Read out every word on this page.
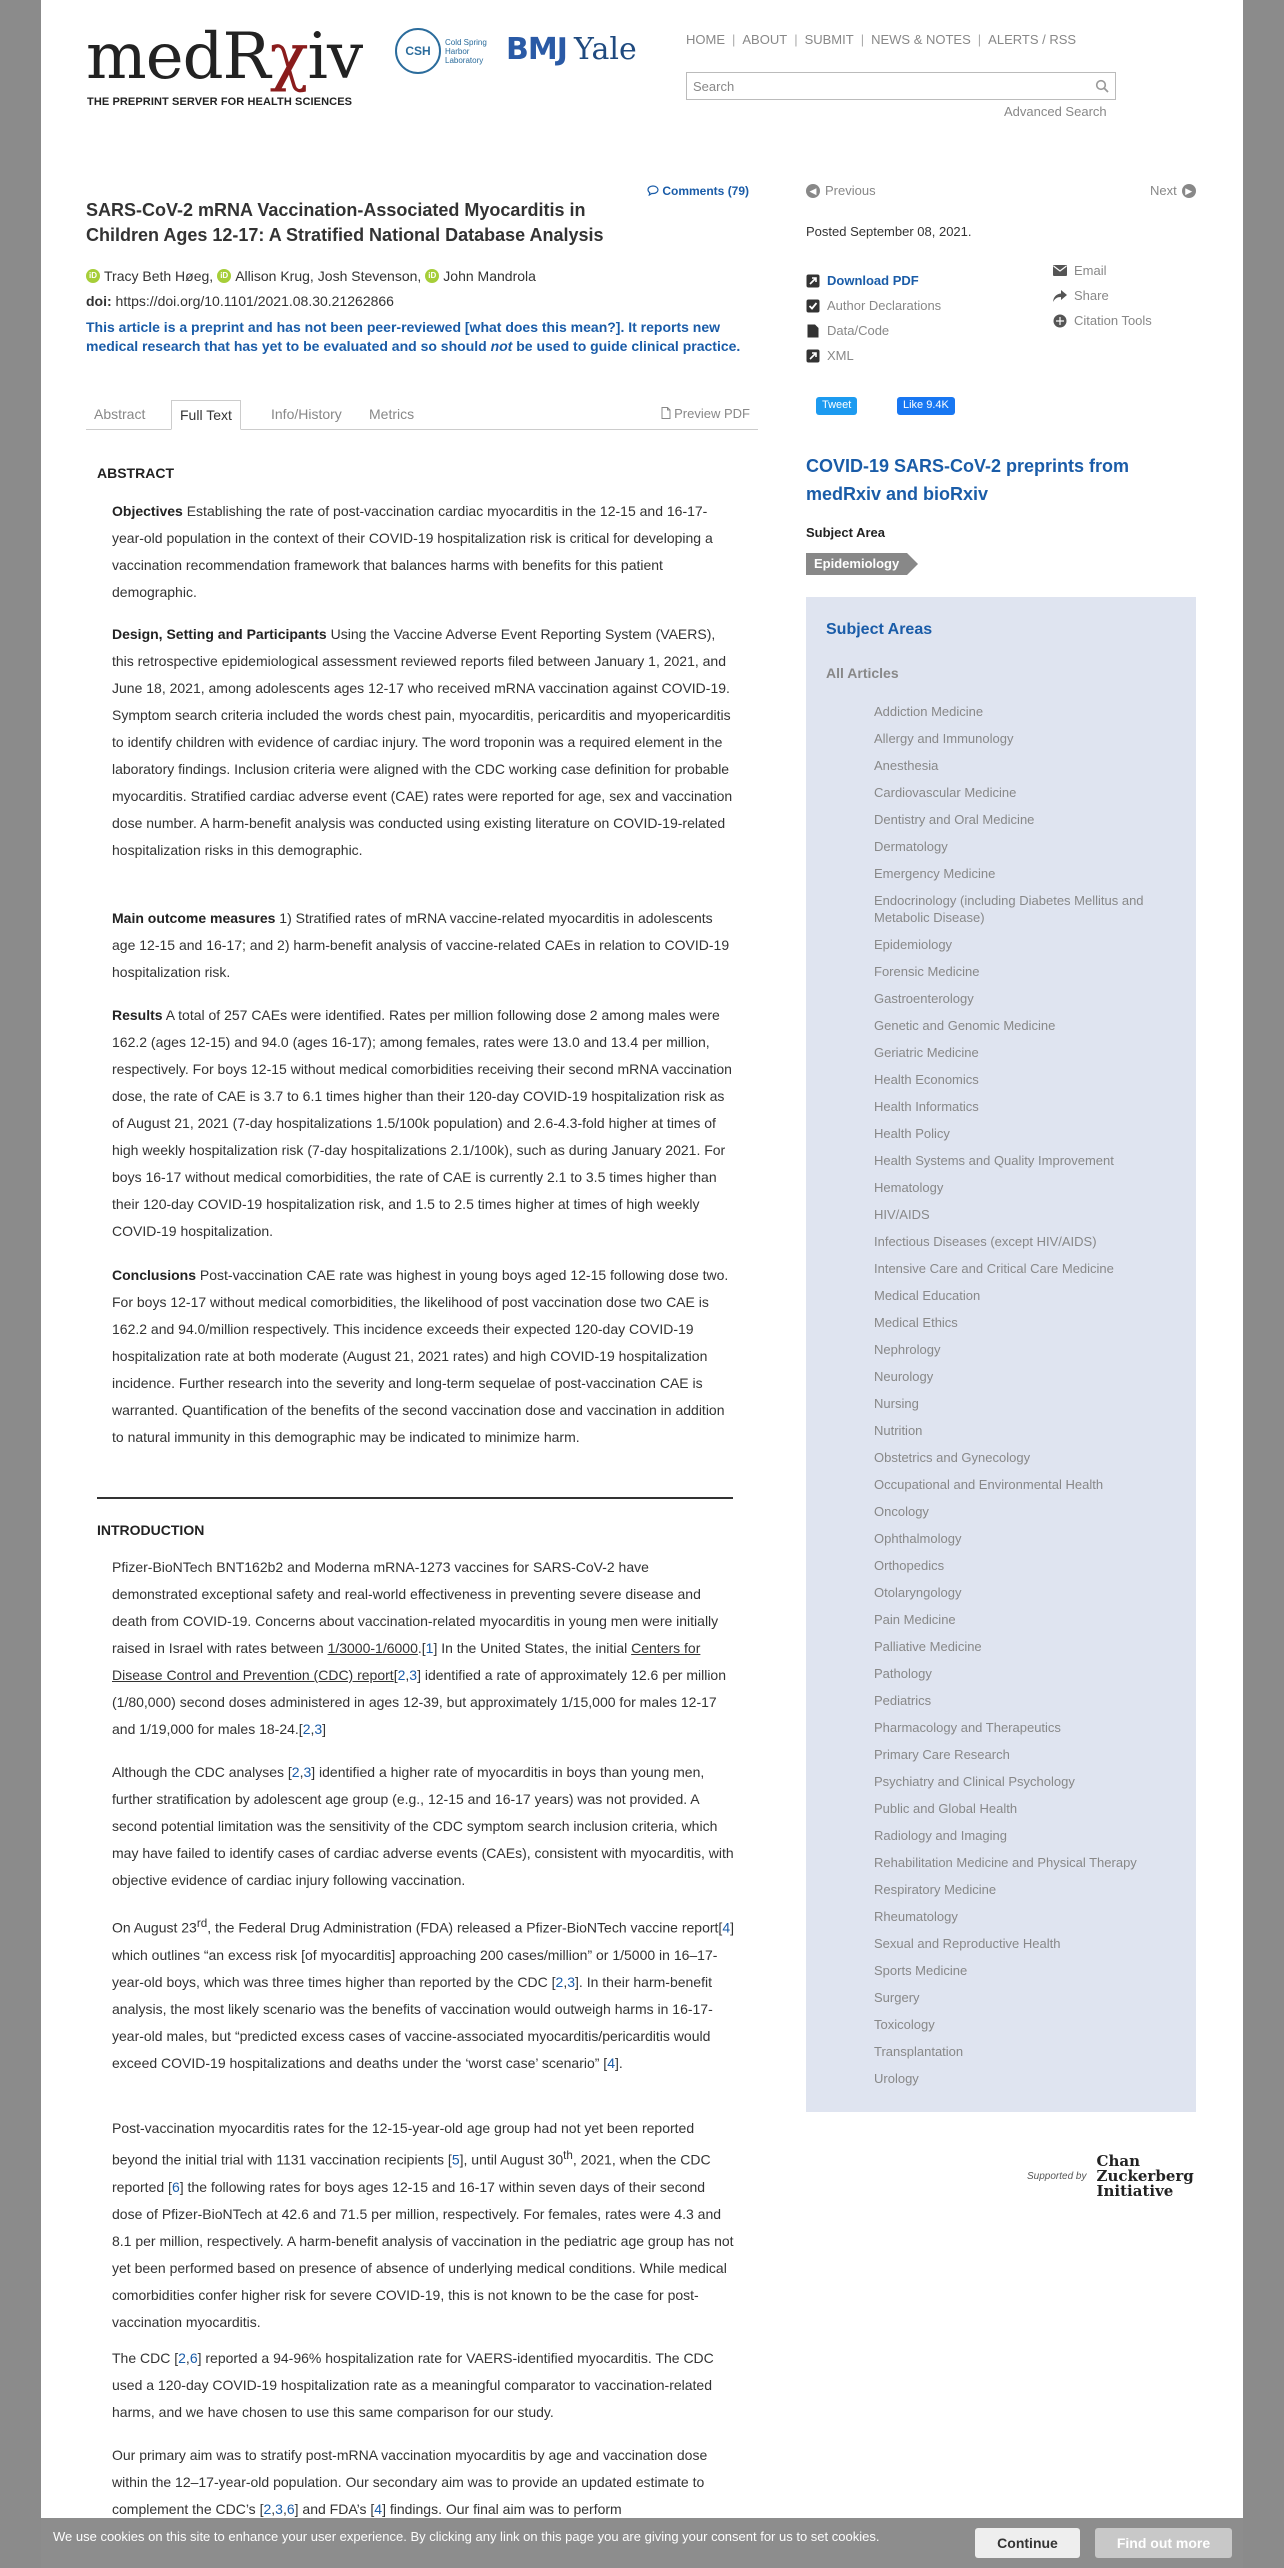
medRχiv
THE PREPRINT SERVER FOR HEALTH SCIENCES
CSH
Cold Spring Harbor Laboratory BMJ Yale	HOME | ABOUT | SUBMIT | NEWS & NOTES | ALERTS / RSS
Search
Advanced Search
Comments (79)
SARS-CoV-2 mRNA Vaccination-Associated Myocarditis in Children Ages 12-17: A Stratified National Database Analysis
iD Tracy Beth Høeg, iD Allison Krug, Josh Stevenson, iD John Mandrola
doi: https://doi.org/10.1101/2021.08.30.21262866

This article is a preprint and has not been peer-reviewed [what does this mean?]. It reports new medical research that has yet to be evaluated and so should not be used to guide clinical practice.

Abstract	Full Text	Info/History	Metrics	Preview PDF
ABSTRACT

Objectives Establishing the rate of post-vaccination cardiac myocarditis in the 12-15 and 16-17-year-old population in the context of their COVID-19 hospitalization risk is critical for developing a vaccination recommendation framework that balances harms with benefits for this patient demographic.

Design, Setting and Participants Using the Vaccine Adverse Event Reporting System (VAERS), this retrospective epidemiological assessment reviewed reports filed between January 1, 2021, and June 18, 2021, among adolescents ages 12-17 who received mRNA vaccination against COVID-19. Symptom search criteria included the words chest pain, myocarditis, pericarditis and myopericarditis to identify children with evidence of cardiac injury. The word troponin was a required element in the laboratory findings. Inclusion criteria were aligned with the CDC working case definition for probable myocarditis. Stratified cardiac adverse event (CAE) rates were reported for age, sex and vaccination dose number. A harm-benefit analysis was conducted using existing literature on COVID-19-related hospitalization risks in this demographic.

Main outcome measures 1) Stratified rates of mRNA vaccine-related myocarditis in adolescents age 12-15 and 16-17; and 2) harm-benefit analysis of vaccine-related CAEs in relation to COVID-19 hospitalization risk.

Results A total of 257 CAEs were identified. Rates per million following dose 2 among males were 162.2 (ages 12-15) and 94.0 (ages 16-17); among females, rates were 13.0 and 13.4 per million, respectively. For boys 12-15 without medical comorbidities receiving their second mRNA vaccination dose, the rate of CAE is 3.7 to 6.1 times higher than their 120-day COVID-19 hospitalization risk as of August 21, 2021 (7-day hospitalizations 1.5/100k population) and 2.6-4.3-fold higher at times of high weekly hospitalization risk (7-day hospitalizations 2.1/100k), such as during January 2021. For boys 16-17 without medical comorbidities, the rate of CAE is currently 2.1 to 3.5 times higher than their 120-day COVID-19 hospitalization risk, and 1.5 to 2.5 times higher at times of high weekly COVID-19 hospitalization.

Conclusions Post-vaccination CAE rate was highest in young boys aged 12-15 following dose two. For boys 12-17 without medical comorbidities, the likelihood of post vaccination dose two CAE is 162.2 and 94.0/million respectively. This incidence exceeds their expected 120-day COVID-19 hospitalization rate at both moderate (August 21, 2021 rates) and high COVID-19 hospitalization incidence. Further research into the severity and long-term sequelae of post-vaccination CAE is warranted. Quantification of the benefits of the second vaccination dose and vaccination in addition to natural immunity in this demographic may be indicated to minimize harm.

INTRODUCTION

Pfizer-BioNTech BNT162b2 and Moderna mRNA-1273 vaccines for SARS-CoV-2 have demonstrated exceptional safety and real-world effectiveness in preventing severe disease and death from COVID-19. Concerns about vaccination-related myocarditis in young men were initially raised in Israel with rates between 1/3000-1/6000.[1] In the United States, the initial Centers for Disease Control and Prevention (CDC) report[2,3] identified a rate of approximately 12.6 per million (1/80,000) second doses administered in ages 12-39, but approximately 1/15,000 for males 12-17 and 1/19,000 for males 18-24.[2,3]

Although the CDC analyses [2,3] identified a higher rate of myocarditis in boys than young men, further stratification by adolescent age group (e.g., 12-15 and 16-17 years) was not provided. A second potential limitation was the sensitivity of the CDC symptom search inclusion criteria, which may have failed to identify cases of cardiac adverse events (CAEs), consistent with myocarditis, with objective evidence of cardiac injury following vaccination.

On August 23rd, the Federal Drug Administration (FDA) released a Pfizer-BioNTech vaccine report[4] which outlines “an excess risk [of myocarditis] approaching 200 cases/million” or 1/5000 in 16–17-year-old boys, which was three times higher than reported by the CDC [2,3]. In their harm-benefit analysis, the most likely scenario was the benefits of vaccination would outweigh harms in 16-17-year-old males, but “predicted excess cases of vaccine-associated myocarditis/pericarditis would exceed COVID-19 hospitalizations and deaths under the ‘worst case’ scenario” [4].

Post-vaccination myocarditis rates for the 12-15-year-old age group had not yet been reported beyond the initial trial with 1131 vaccination recipients [5], until August 30th, 2021, when the CDC reported [6] the following rates for boys ages 12-15 and 16-17 within seven days of their second dose of Pfizer-BioNTech at 42.6 and 71.5 per million, respectively. For females, rates were 4.3 and 8.1 per million, respectively. A harm-benefit analysis of vaccination in the pediatric age group has not yet been performed based on presence of absence of underlying medical conditions. While medical comorbidities confer higher risk for severe COVID-19, this is not known to be the case for post-vaccination myocarditis.

The CDC [2,6] reported a 94-96% hospitalization rate for VAERS-identified myocarditis. The CDC used a 120-day COVID-19 hospitalization rate as a meaningful comparator to vaccination-related harms, and we have chosen to use this same comparison for our study.

Our primary aim was to stratify post-mRNA vaccination myocarditis by age and vaccination dose within the 12–17-year-old population. Our secondary aim was to provide an updated estimate to complement the CDC’s [2,3,6] and FDA’s [4] findings. Our final aim was to perform

◀ Previous	Next ▶
Posted September 08, 2021.
Download PDF
Author Declarations
Data/Code
XML
Email
Share
Citation Tools
Tweet	Like 9.4K
COVID-19 SARS-CoV-2 preprints from medRxiv and bioRxiv
Subject Area
Epidemiology
Subject Areas
All Articles
Addiction Medicine
Allergy and Immunology
Anesthesia
Cardiovascular Medicine
Dentistry and Oral Medicine
Dermatology
Emergency Medicine
Endocrinology (including Diabetes Mellitus and Metabolic Disease)
Epidemiology
Forensic Medicine
Gastroenterology
Genetic and Genomic Medicine
Geriatric Medicine
Health Economics
Health Informatics
Health Policy
Health Systems and Quality Improvement
Hematology
HIV/AIDS
Infectious Diseases (except HIV/AIDS)
Intensive Care and Critical Care Medicine
Medical Education
Medical Ethics
Nephrology
Neurology
Nursing
Nutrition
Obstetrics and Gynecology
Occupational and Environmental Health
Oncology
Ophthalmology
Orthopedics
Otolaryngology
Pain Medicine
Palliative Medicine
Pathology
Pediatrics
Pharmacology and Therapeutics
Primary Care Research
Psychiatry and Clinical Psychology
Public and Global Health
Radiology and Imaging
Rehabilitation Medicine and Physical Therapy
Respiratory Medicine
Rheumatology
Sexual and Reproductive Health
Sports Medicine
Surgery
Toxicology
Transplantation
Urology
Supported by
Chan
Zuckerberg
Initiative
We use cookies on this site to enhance your user experience. By clicking any link on this page you are giving your consent for us to set cookies.	Continue	Find out more
